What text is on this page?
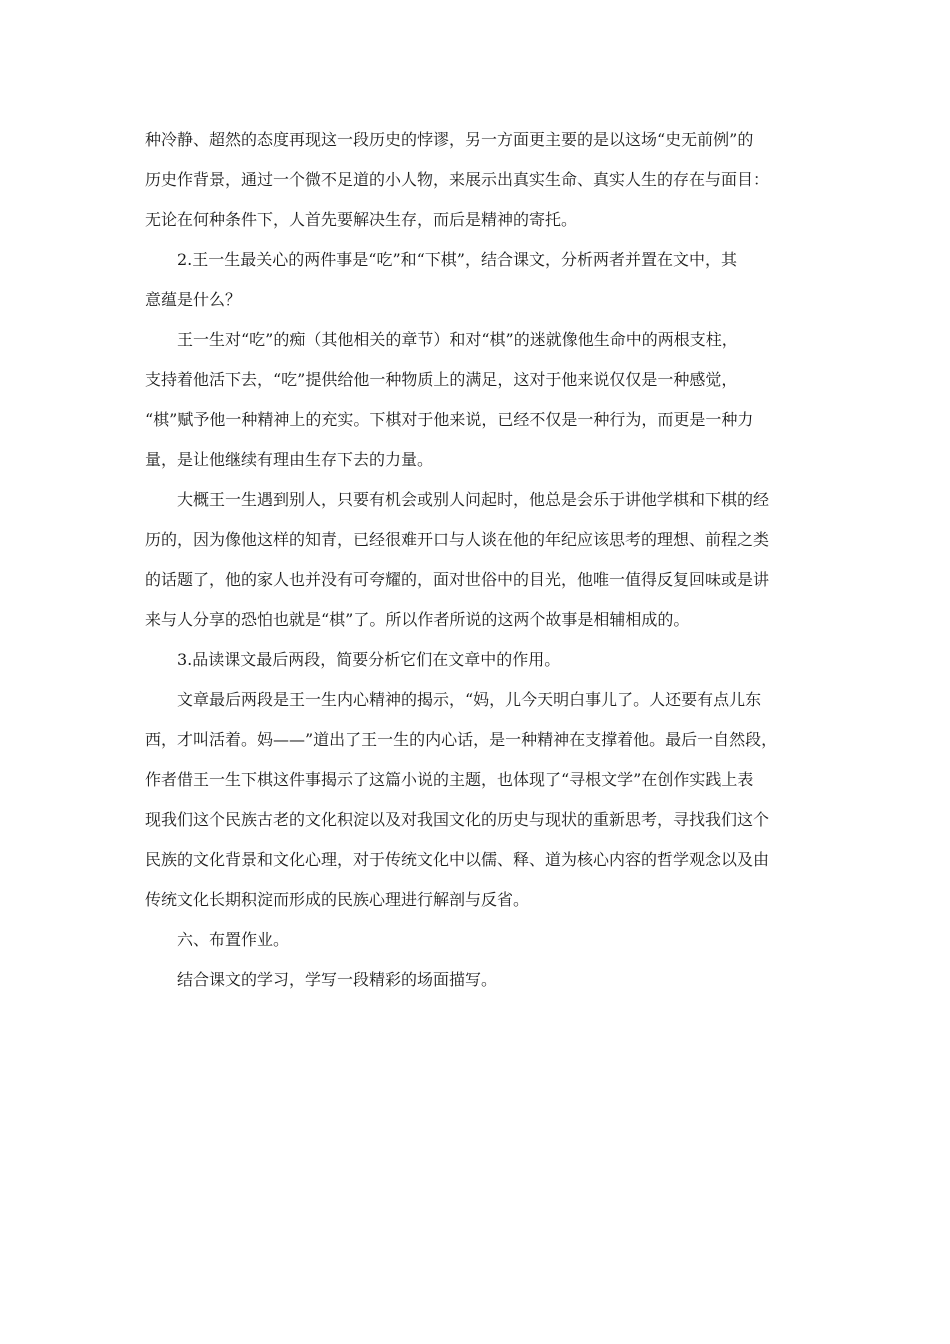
种冷静、超然的态度再现这一段历史的悖谬，另一方面更主要的是以这场“史无前例”的
历史作背景，通过一个微不足道的小人物，来展示出真实生命、真实人生的存在与面目：
无论在何种条件下，人首先要解决生存，而后是精神的寄托。
2.王一生最关心的两件事是“吃”和“下棋”，结合课文，分析两者并置在文中，其
意蕴是什么？
王一生对“吃”的痴（其他相关的章节）和对“棋”的迷就像他生命中的两根支柱，
支持着他活下去，“吃”提供给他一种物质上的满足，这对于他来说仅仅是一种感觉，
“棋”赋予他一种精神上的充实。下棋对于他来说，已经不仅是一种行为，而更是一种力
量，是让他继续有理由生存下去的力量。
大概王一生遇到别人，只要有机会或别人问起时，他总是会乐于讲他学棋和下棋的经
历的，因为像他这样的知青，已经很难开口与人谈在他的年纪应该思考的理想、前程之类
的话题了，他的家人也并没有可夸耀的，面对世俗中的目光，他唯一值得反复回味或是讲
来与人分享的恐怕也就是“棋”了。所以作者所说的这两个故事是相辅相成的。
3.品读课文最后两段，简要分析它们在文章中的作用。
文章最后两段是王一生内心精神的揭示，“妈，儿今天明白事儿了。人还要有点儿东
西，才叫活着。妈——”道出了王一生的内心话，是一种精神在支撑着他。最后一自然段，
作者借王一生下棋这件事揭示了这篇小说的主题，也体现了“寻根文学”在创作实践上表
现我们这个民族古老的文化积淀以及对我国文化的历史与现状的重新思考，寻找我们这个
民族的文化背景和文化心理，对于传统文化中以儒、释、道为核心内容的哲学观念以及由
传统文化长期积淀而形成的民族心理进行解剖与反省。
六、布置作业。
结合课文的学习，学写一段精彩的场面描写。
